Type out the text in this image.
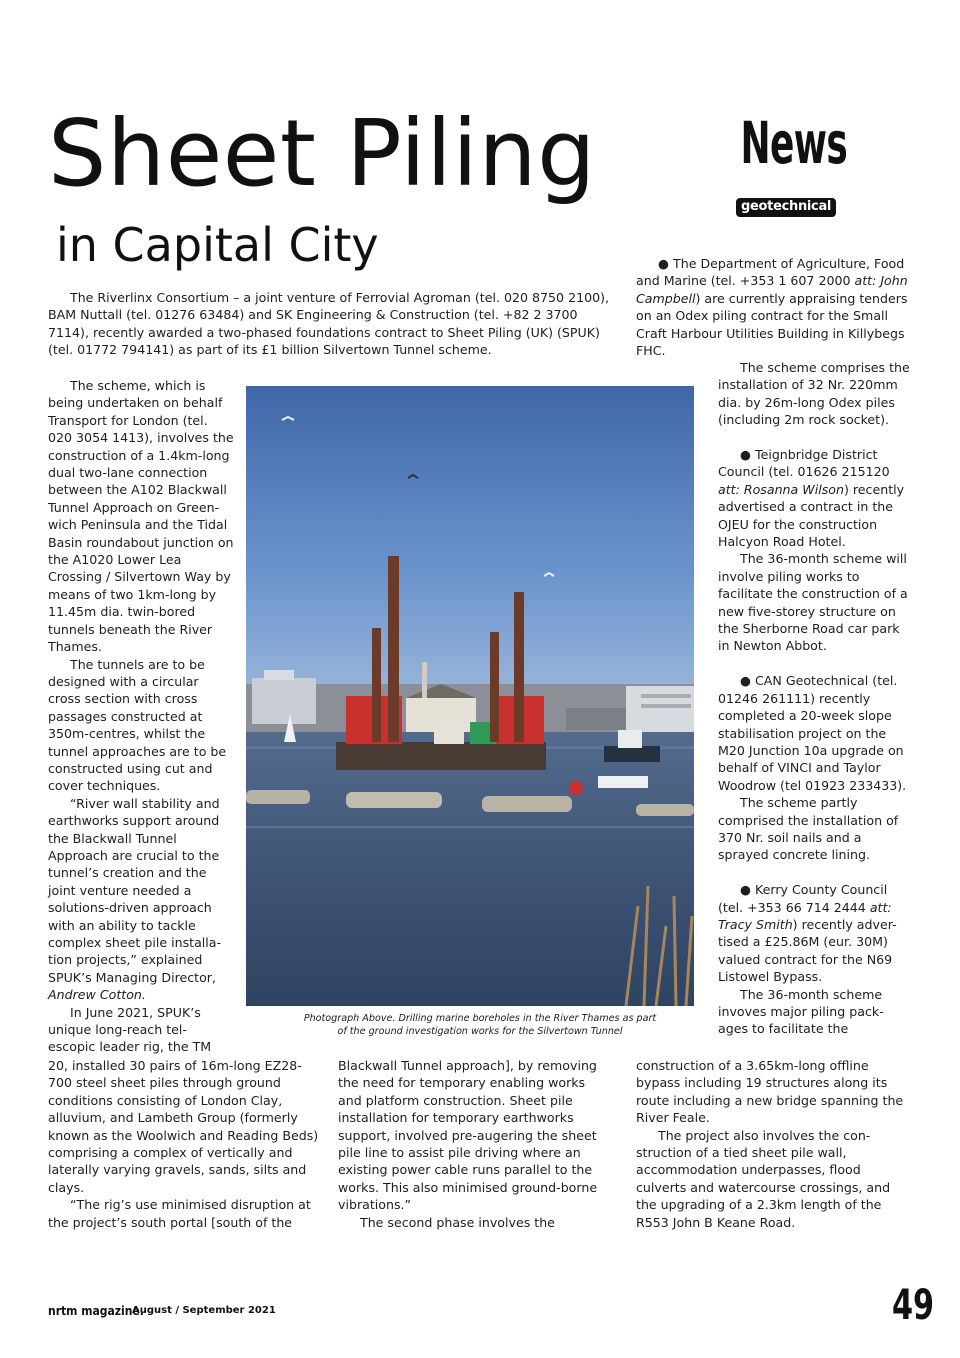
Sheet Piling
in Capital City
News
geotechnical

The Riverlinx Consortium – a joint venture of Ferrovial Agroman (tel. 020 8750 2100), BAM Nuttall (tel. 01276 63484) and SK Engineering & Construction (tel. +82 2 3700 7114), recently awarded a two-phased foundations contract to Sheet Piling (UK) (SPUK) (tel. 01772 794141) as part of its £1 billion Silvertown Tunnel scheme.

The scheme, which is being undertaken on behalf Transport for London (tel. 020 3054 1413), involves the construction of a 1.4km-long dual two-lane connection between the A102 Blackwall Tunnel Approach on Green-wich Peninsula and the Tidal Basin roundabout junction on the A1020 Lower Lea Crossing / Silvertown Way by means of two 1km-long by 11.45m dia. twin-bored tunnels beneath the River Thames.

The tunnels are to be designed with a circular cross section with cross passages constructed at 350m-centres, whilst the tunnel approaches are to be constructed using cut and cover techniques.

“River wall stability and earthworks support around the Blackwall Tunnel Approach are crucial to the tunnel’s creation and the joint venture needed a solutions-driven approach with an ability to tackle complex sheet pile installa-tion projects,” explained SPUK’s Managing Director, Andrew Cotton.

In June 2021, SPUK’s unique long-reach tel-escopic leader rig, the TM

Photograph Above. Drilling marine boreholes in the River Thames as part of the ground investigation works for the Silvertown Tunnel

20, installed 30 pairs of 16m-long EZ28-700 steel sheet piles through ground conditions consisting of London Clay, alluvium, and Lambeth Group (formerly known as the Woolwich and Reading Beds) comprising a complex of vertically and laterally varying gravels, sands, silts and clays.

“The rig’s use minimised disruption at the project’s south portal [south of the

Blackwall Tunnel approach], by removing the need for temporary enabling works and platform construction. Sheet pile installation for temporary earthworks support, involved pre-augering the sheet pile line to assist pile driving where an existing power cable runs parallel to the works. This also minimised ground-borne vibrations.”

The second phase involves the

● The Department of Agriculture, Food and Marine (tel. +353 1 607 2000 att: John Campbell) are currently appraising tenders on an Odex piling contract for the Small Craft Harbour Utilities Building in Killybegs FHC.

The scheme comprises the installation of 32 Nr. 220mm dia. by 26m-long Odex piles (including 2m rock socket).

● Teignbridge District Council (tel. 01626 215120 att: Rosanna Wilson) recently advertised a contract in the OJEU for the construction Halcyon Road Hotel.

The 36-month scheme will involve piling works to facilitate the construction of a new five-storey structure on the Sherborne Road car park in Newton Abbot.

● CAN Geotechnical (tel. 01246 261111) recently completed a 20-week slope stabilisation project on the M20 Junction 10a upgrade on behalf of VINCI and Taylor Woodrow (tel 01923 233433).

The scheme partly comprised the installation of 370 Nr. soil nails and a sprayed concrete lining.

● Kerry County Council (tel. +353 66 714 2444 att: Tracy Smith) recently adver-tised a £25.86M (eur. 30M) valued contract for the N69 Listowel Bypass.

The 36-month scheme invoves major piling pack-ages to facilitate the

construction of a 3.65km-long offline bypass including 19 structures along its route including a new bridge spanning the River Feale.

The project also involves the con-struction of a tied sheet pile wall, accommodation underpasses, flood culverts and watercourse crossings, and the upgrading of a 2.3km length of the R553 John B Keane Road.

nrtm magazine.
August / September 2021	49
